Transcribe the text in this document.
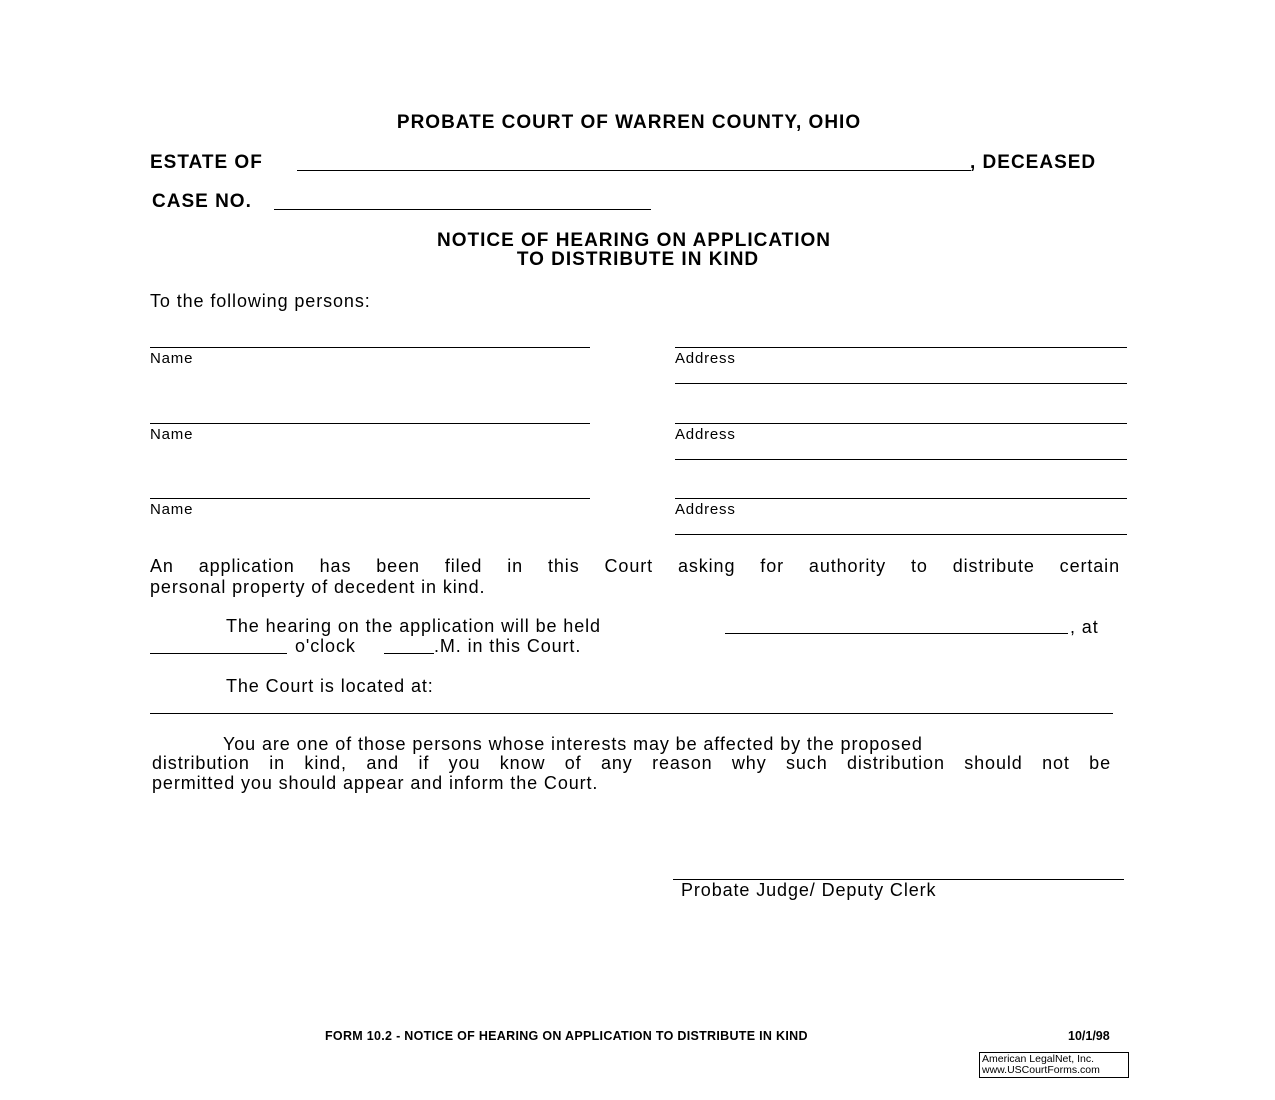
PROBATE COURT OF WARREN COUNTY, OHIO
ESTATE OF	, DECEASED
CASE NO.
NOTICE OF HEARING ON APPLICATION
TO DISTRIBUTE IN KIND
To the following persons:
Name	Address
Name	Address
Name	Address
An application has been filed in this Court asking for authority to distribute certain
personal property of decedent in kind.
The hearing on the application will be held	, at
o'clock	.M. in this Court.
The Court is located at:
You are one of those persons whose interests may be affected by the proposed
distribution in kind, and if you know of any reason why such distribution should not be
permitted you should appear and inform the Court.
Probate Judge/ Deputy Clerk
FORM 10.2 - NOTICE OF HEARING ON APPLICATION TO DISTRIBUTE IN KIND	10/1/98
American LegalNet, Inc.
www.USCourtForms.com
